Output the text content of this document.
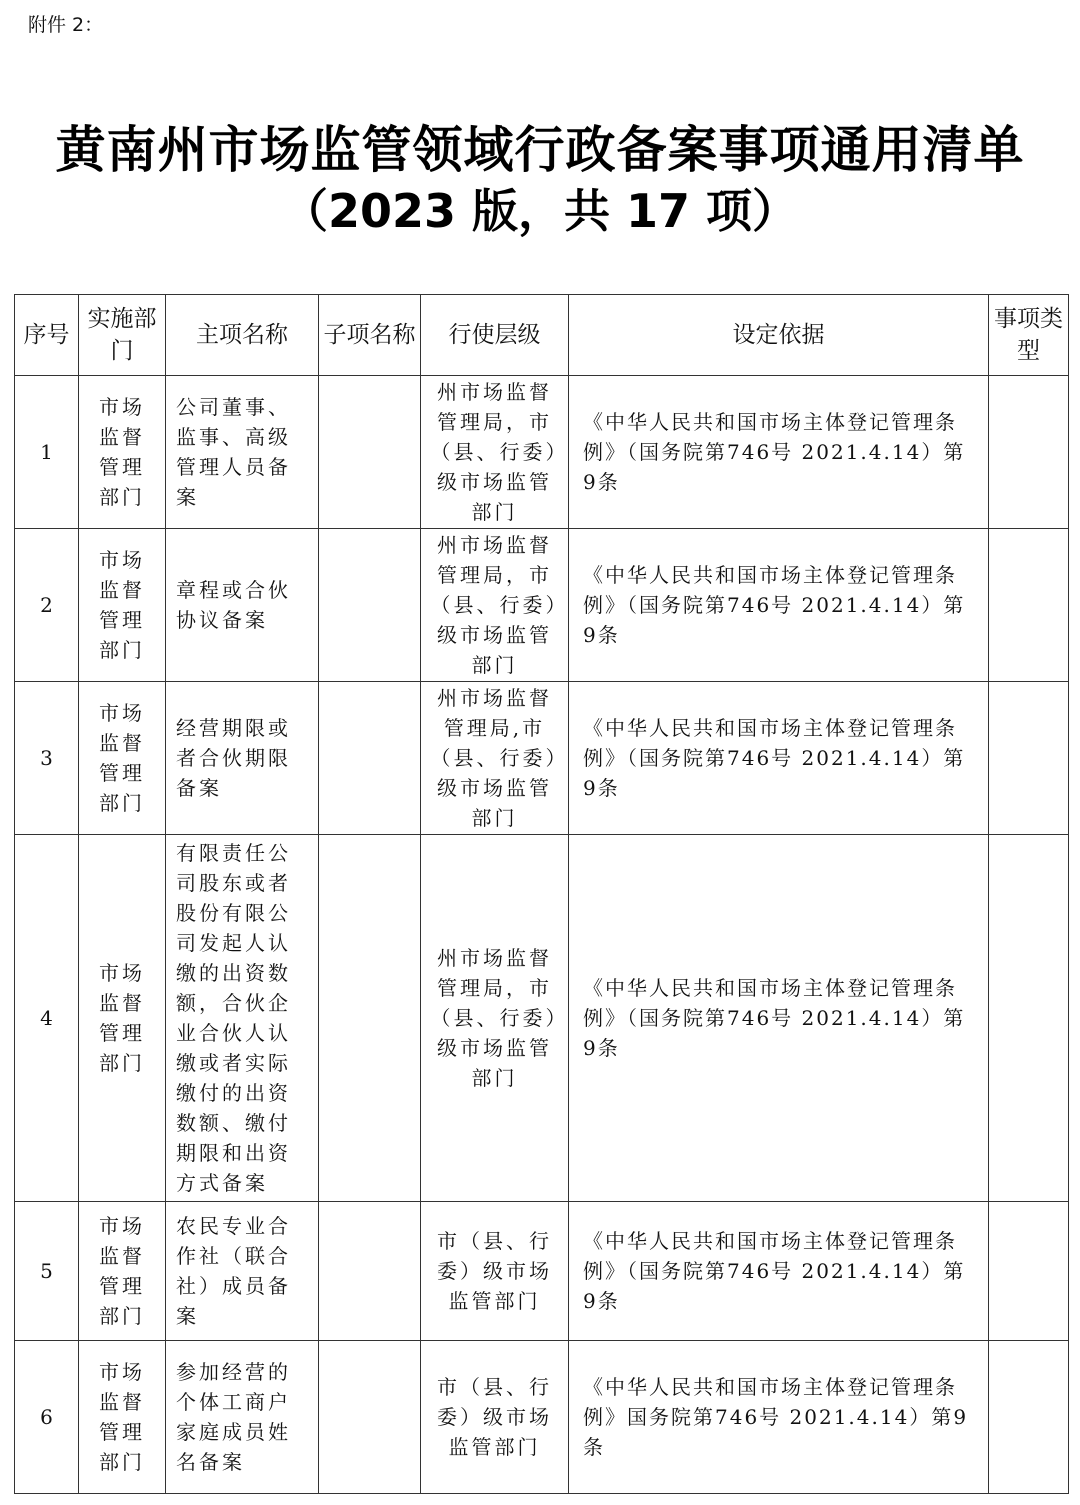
附件 2：
黄南州市场监管领域行政备案事项通用清单
（2023 版，共 17 项）
序号	实施部门	主项名称	子项名称	行使层级	设定依据	事项类型
1	市场监督管理部门	公司董事、监事、高级管理人员备案		州市场监督管理局，市（县、行委）级市场监管部门	《中华人民共和国市场主体登记管理条例》（国务院第746号 2021.4.14）第9条	
2	市场监督管理部门	章程或合伙协议备案		州市场监督管理局，市（县、行委）级市场监管部门	《中华人民共和国市场主体登记管理条例》（国务院第746号 2021.4.14）第9条	
3	市场监督管理部门	经营期限或者合伙期限备案		州市场监督管理局,市（县、行委）级市场监管部门	《中华人民共和国市场主体登记管理条例》（国务院第746号 2021.4.14）第9条	
4	市场监督管理部门	有限责任公司股东或者股份有限公司发起人认缴的出资数额，合伙企业合伙人认缴或者实际缴付的出资数额、缴付期限和出资方式备案		州市场监督管理局，市（县、行委）级市场监管部门	《中华人民共和国市场主体登记管理条例》（国务院第746号 2021.4.14）第9条	
5	市场监督管理部门	农民专业合作社（联合社）成员备案		市（县、行委）级市场监管部门	《中华人民共和国市场主体登记管理条例》（国务院第746号 2021.4.14）第9条	
6	市场监督管理部门	参加经营的个体工商户家庭成员姓名备案		市（县、行委）级市场监管部门	《中华人民共和国市场主体登记管理条例》国务院第746号 2021.4.14）第9条	
